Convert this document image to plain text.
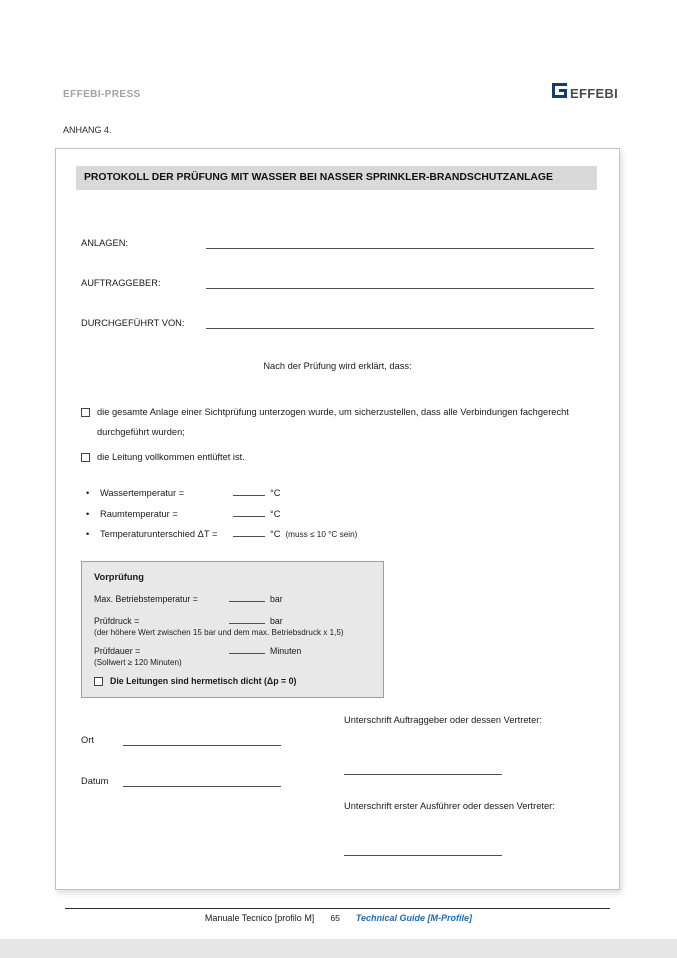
EFFEBI-PRESS	EFFEBI
ANHANG 4.
PROTOKOLL DER PRÜFUNG MIT WASSER BEI NASSER SPRINKLER-BRANDSCHUTZANLAGE
ANLAGEN:
AUFTRAGGEBER:
DURCHGEFÜHRT VON:
Nach der Prüfung wird erklärt, dass:
die gesamte Anlage einer Sichtprüfung unterzogen wurde, um sicherzustellen, dass alle Verbindungen fachgerecht durchgeführt wurden;
die Leitung vollkommen entlüftet ist.
•	Wassertemperatur =	°C
•	Raumtemperatur =	°C
•	Temperaturunterschied ΔT =	°C (muss ≤ 10 °C sein)
Vorprüfung
Max. Betriebstemperatur =	bar
Prüfdruck =	bar
(der höhere Wert zwischen 15 bar und dem max. Betriebsdruck x 1,5)
Prüfdauer =	Minuten
(Sollwert ≥ 120 Minuten)
Die Leitungen sind hermetisch dicht (Δp = 0)
Unterschrift Auftraggeber oder dessen Vertreter:
Ort
Datum
Unterschrift erster Ausführer oder dessen Vertreter:
Manuale Tecnico [profilo M] 65 Technical Guide [M-Profile]
